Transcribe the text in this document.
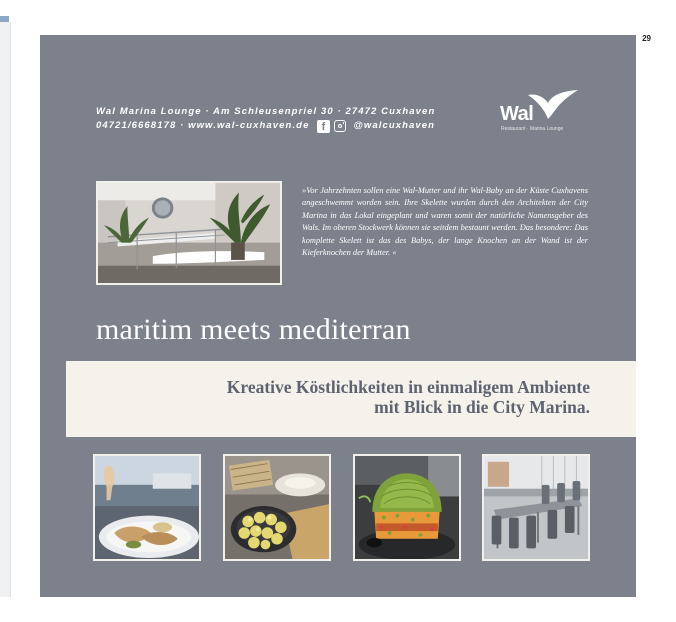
29
Wal Marina Lounge · Am Schleusenpriel 30 · 27472 Cuxhaven
04721/6668178 · www.wal-cuxhaven.de	f	@walcuxhaven
Wal
Restaurant · Marina Lounge
»Vor Jahrzehnten sollen eine Wal-Mutter und ihr Wal-Baby an der Küste Cuxhavens angeschwemmt worden sein. Ihre Skelette wurden durch den Architekten der City Marina in das Lokal eingeplant und waren somit der natürliche Namensgeber des Wals. Im oberen Stockwerk können sie seitdem bestaunt werden. Das besondere: Das komplette Skelett ist das des Babys, der lange Knochen an der Wand ist der Kieferknochen der Mutter. «
maritim meets mediterran
Kreative Köstlichkeiten in einmaligem Ambiente
mit Blick in die City Marina.
